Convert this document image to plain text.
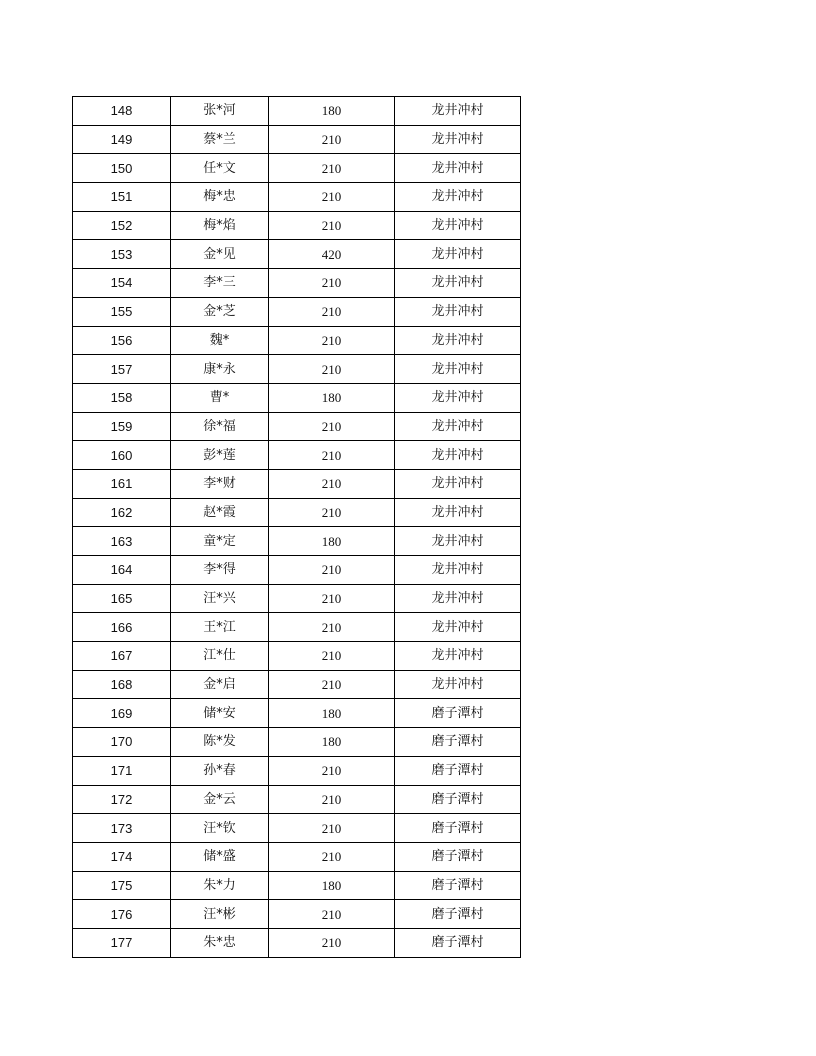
148	张*河	180	龙井冲村
149	蔡*兰	210	龙井冲村
150	任*文	210	龙井冲村
151	梅*忠	210	龙井冲村
152	梅*焰	210	龙井冲村
153	金*见	420	龙井冲村
154	李*三	210	龙井冲村
155	金*芝	210	龙井冲村
156	魏*	210	龙井冲村
157	康*永	210	龙井冲村
158	曹*	180	龙井冲村
159	徐*福	210	龙井冲村
160	彭*莲	210	龙井冲村
161	李*财	210	龙井冲村
162	赵*霞	210	龙井冲村
163	童*定	180	龙井冲村
164	李*得	210	龙井冲村
165	汪*兴	210	龙井冲村
166	王*江	210	龙井冲村
167	江*仕	210	龙井冲村
168	金*启	210	龙井冲村
169	储*安	180	磨子潭村
170	陈*发	180	磨子潭村
171	孙*春	210	磨子潭村
172	金*云	210	磨子潭村
173	汪*钦	210	磨子潭村
174	储*盛	210	磨子潭村
175	朱*力	180	磨子潭村
176	汪*彬	210	磨子潭村
177	朱*忠	210	磨子潭村
